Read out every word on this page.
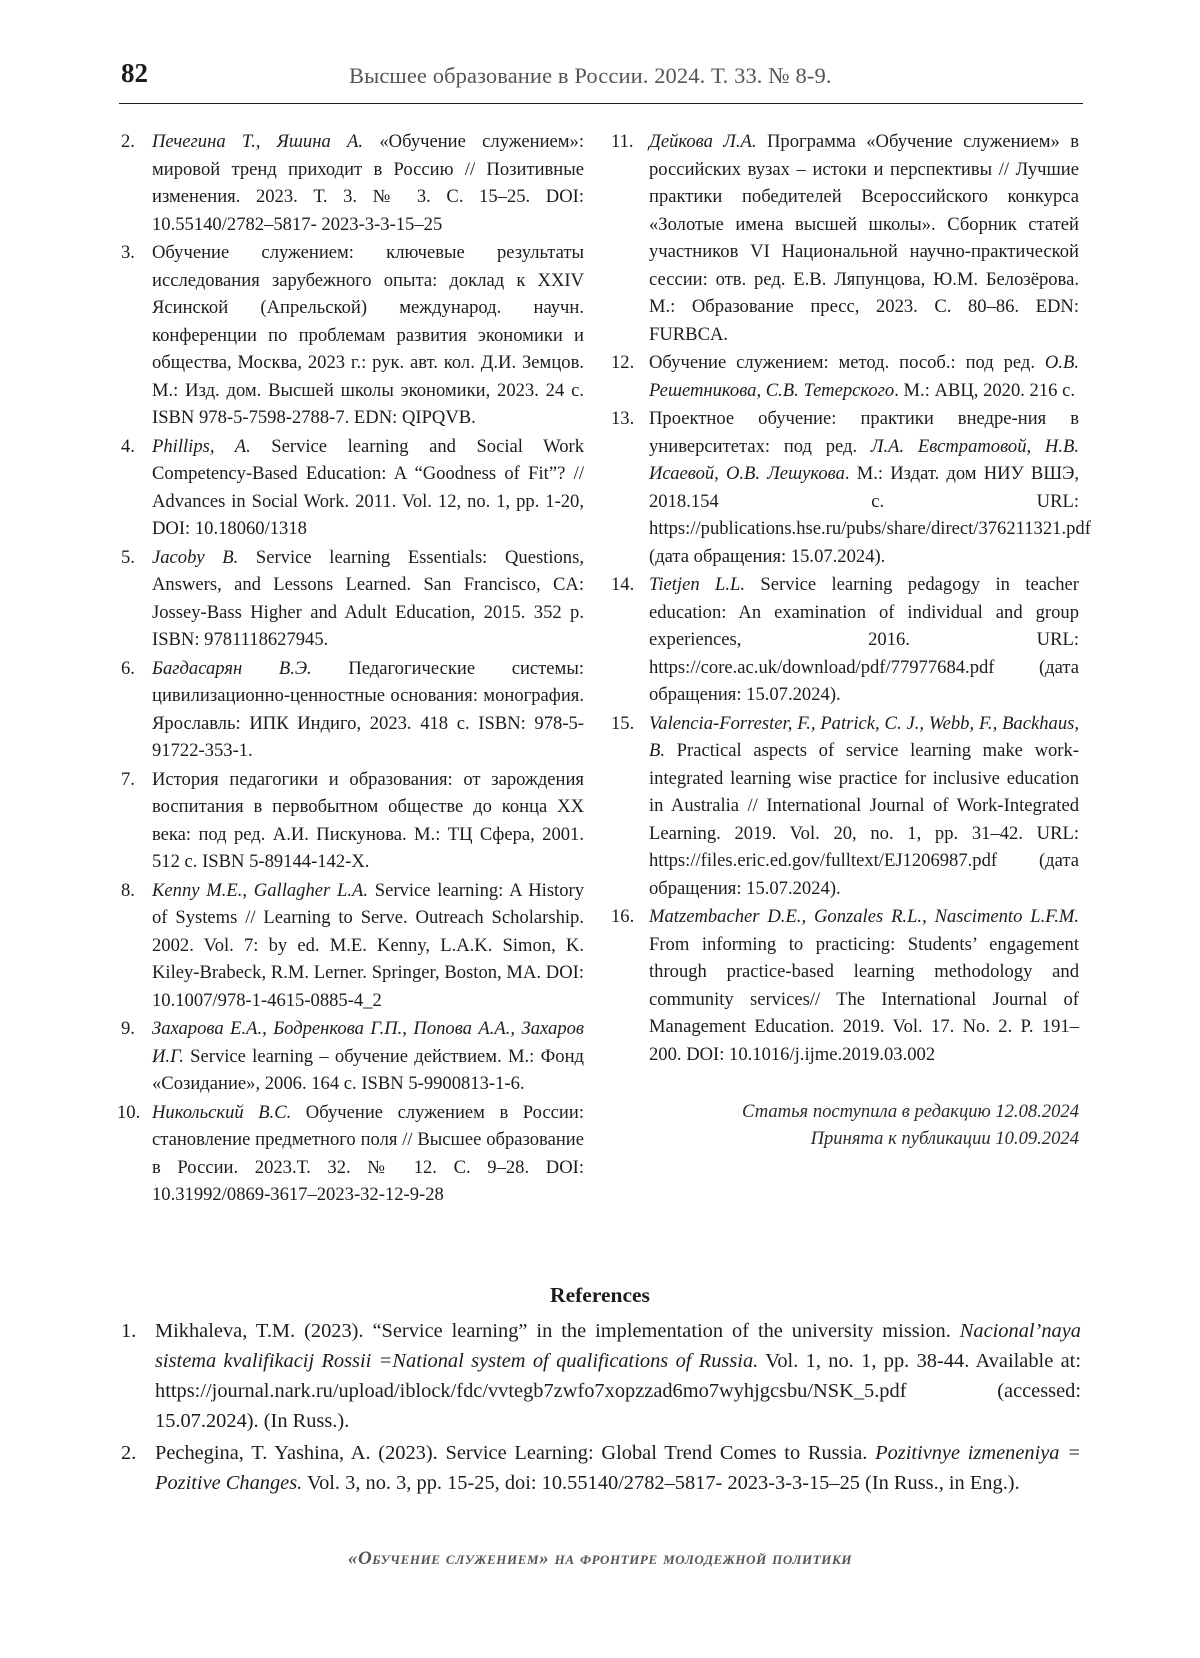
82	Высшее образование в России. 2024. Т. 33. № 8-9.
2. Печегина Т., Яшина А. «Обучение служением»: мировой тренд приходит в Россию // Позитивные изменения. 2023. Т. 3. № 3. С. 15–25. DOI: 10.55140/2782–5817- 2023-3-3-15–25
3. Обучение служением: ключевые результаты исследования зарубежного опыта: доклад к XXIV Ясинской (Апрельской) международ. научн. конференции по проблемам развития экономики и общества, Москва, 2023 г.: рук. авт. кол. Д.И. Земцов. М.: Изд. дом. Высшей школы экономики, 2023. 24 с. ISBN 978-5-7598-2788-7. EDN: QIPQVB.
4. Phillips, A. Service learning and Social Work Competency-Based Education: A “Goodness of Fit”? // Advances in Social Work. 2011. Vol. 12, no. 1, pp. 1-20, DOI: 10.18060/1318
5. Jacoby B. Service learning Essentials: Questions, Answers, and Lessons Learned. San Francisco, CA: Jossey-Bass Higher and Adult Education, 2015. 352 p. ISBN: 9781118627945.
6. Багдасарян В.Э. Педагогические системы: цивилизационно-ценностные основания: монография. Ярославль: ИПК Индиго, 2023. 418 с. ISBN: 978-5-91722-353-1.
7. История педагогики и образования: от зарождения воспитания в первобытном обществе до конца XX века: под ред. А.И. Пискунова. М.: ТЦ Сфера, 2001. 512 с. ISBN 5-89144-142-X.
8. Kenny M.E., Gallagher L.A. Service learning: A History of Systems // Learning to Serve. Outreach Scholarship. 2002. Vol. 7: by ed. M.E. Kenny, L.A.K. Simon, K. Kiley-Brabeck, R.M. Lerner. Springer, Boston, MA. DOI: 10.1007/978-1-4615-0885-4_2
9. Захарова Е.А., Бодренкова Г.П., Попова А.А., Захаров И.Г. Service learning – обучение действием. М.: Фонд «Созидание», 2006. 164 с. ISBN 5-9900813-1-6.
10. Никольский В.С. Обучение служением в России: становление предметного поля // Высшее образование в России. 2023.Т. 32. № 12. С. 9–28. DOI: 10.31992/0869-3617–2023-32-12-9-28
11. Дейкова Л.А. Программа «Обучение служением» в российских вузах – истоки и перспективы // Лучшие практики победителей Всероссийского конкурса «Золотые имена высшей школы». Сборник статей участников VI Национальной научно-практической сессии: отв. ред. Е.В. Ляпунцова, Ю.М. Белозёрова. М.: Образование пресс, 2023. С. 80–86. EDN: FURBCA.
12. Обучение служением: метод. пособ.: под ред. О.В. Решетникова, С.В. Тетерского. М.: АВЦ, 2020. 216 с.
13. Проектное обучение: практики внедре-ния в университетах: под ред. Л.А. Евстратовой, Н.В. Исаевой, О.В. Лешукова. М.: Издат. дом НИУ ВШЭ, 2018.154 с. URL: https://publications.hse.ru/pubs/share/direct/376211321.pdf (дата обращения: 15.07.2024).
14. Tietjen L.L. Service learning pedagogy in teacher education: An examination of individual and group experiences, 2016. URL: https://core.ac.uk/download/pdf/77977684.pdf (дата обращения: 15.07.2024).
15. Valencia-Forrester, F., Patrick, C. J., Webb, F., Backhaus, B. Practical aspects of service learning make work-integrated learning wise practice for inclusive education in Australia // International Journal of Work-Integrated Learning. 2019. Vol. 20, no. 1, pp. 31–42. URL: https://files.eric.ed.gov/fulltext/EJ1206987.pdf (дата обращения: 15.07.2024).
16. Matzembacher D.E., Gonzales R.L., Nascimento L.F.M. From informing to practicing: Students’ engagement through practice-based learning methodology and community services// The International Journal of Management Education. 2019. Vol. 17. No. 2. P. 191–200. DOI: 10.1016/j.ijme.2019.03.002
Статья поступила в редакцию 12.08.2024
Принята к публикации 10.09.2024
References
1. Mikhaleva, T.M. (2023). “Service learning” in the implementation of the university mission. Nacional’naya sistema kvalifikacij Rossii =National system of qualifications of Russia. Vol. 1, no. 1, pp. 38-44. Available at: https://journal.nark.ru/upload/iblock/fdc/vvtegb7zwfo7xopzzad6mo7wyhjgcsbu/NSK_5.pdf (accessed: 15.07.2024). (In Russ.).
2. Pechegina, T. Yashina, A. (2023). Service Learning: Global Trend Comes to Russia. Pozitivnye izmeneniya = Pozitive Changes. Vol. 3, no. 3, pp. 15-25, doi: 10.55140/2782–5817- 2023-3-3-15–25 (In Russ., in Eng.).
«Обучение служением» на фронтире молодежной политики
